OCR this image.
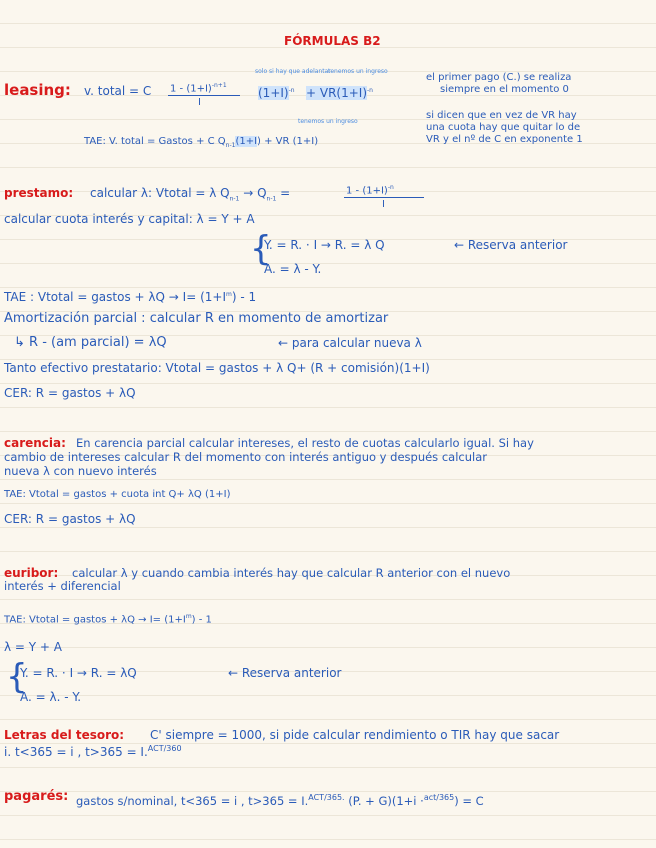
FÓRMULAS B2
leasing: v. total = C $1 - (1+I)^{-n+1}$
I
solo si hay que adelantar
tenemos un ingreso
$(1+I)^{-n} + VR(1+I)^{-n}$
el primer pago (C.) se realiza
siempre en el momento 0
si dicen que en vez de VR hay
una cuota hay que quitar lo de
VR y el nº de C en exponente 1
tenemos un ingreso
TAE: V. total = Gastos + C $Q_{n-1}(1+I)$ + VR (1+I)
prestamo: calcular λ: Vtotal = λ $Q_{n-1} \to Q_{n-1}$ =	$1 - (1+I)^{-n}$
I
calcular cuota interés y capital: λ = Y + A
{
Y. = R. · I → R. = λ Q	← Reserva anterior
A. = λ - Y.
TAE : Vtotal = gastos + $\lambda Q \to I= (1+I^m) - 1$
Amortización parcial : calcular R en momento de amortizar
↳ R - (am parcial) = λQ	← para calcular nueva λ
Tanto efectivo prestatario: Vtotal = gastos + λ Q+ (R + comisión)(1+I)
CER: R = gastos + λQ
carencia: En carencia parcial calcular intereses, el resto de cuotas calcularlo igual. Si hay
cambio de intereses calcular R del momento con interés antiguo y después calcular
nueva λ con nuevo interés
TAE: Vtotal = gastos + cuota int Q+ λQ (1+I)
CER: R = gastos + λQ
euribor: calcular λ y cuando cambia interés hay que calcular R anterior con el nuevo
interés + diferencial
TAE: Vtotal = gastos + $\lambda Q \to I= (1+I^m) - 1$
λ = Y + A
{
Y. = R. · I → R. = λQ	← Reserva anterior
A. = λ. - Y.
Letras del tesoro: C' siempre = 1000, si pide calcular rendimiento o TIR hay que sacar
i. t<365 = i , t>365 = I.$^{ACT/360}$
pagarés: gastos s/nominal, t<365 = i , t>365 = I.$^{ACT/365.}$ (P. + G)(1+i ·$^{act/365}$) = C
